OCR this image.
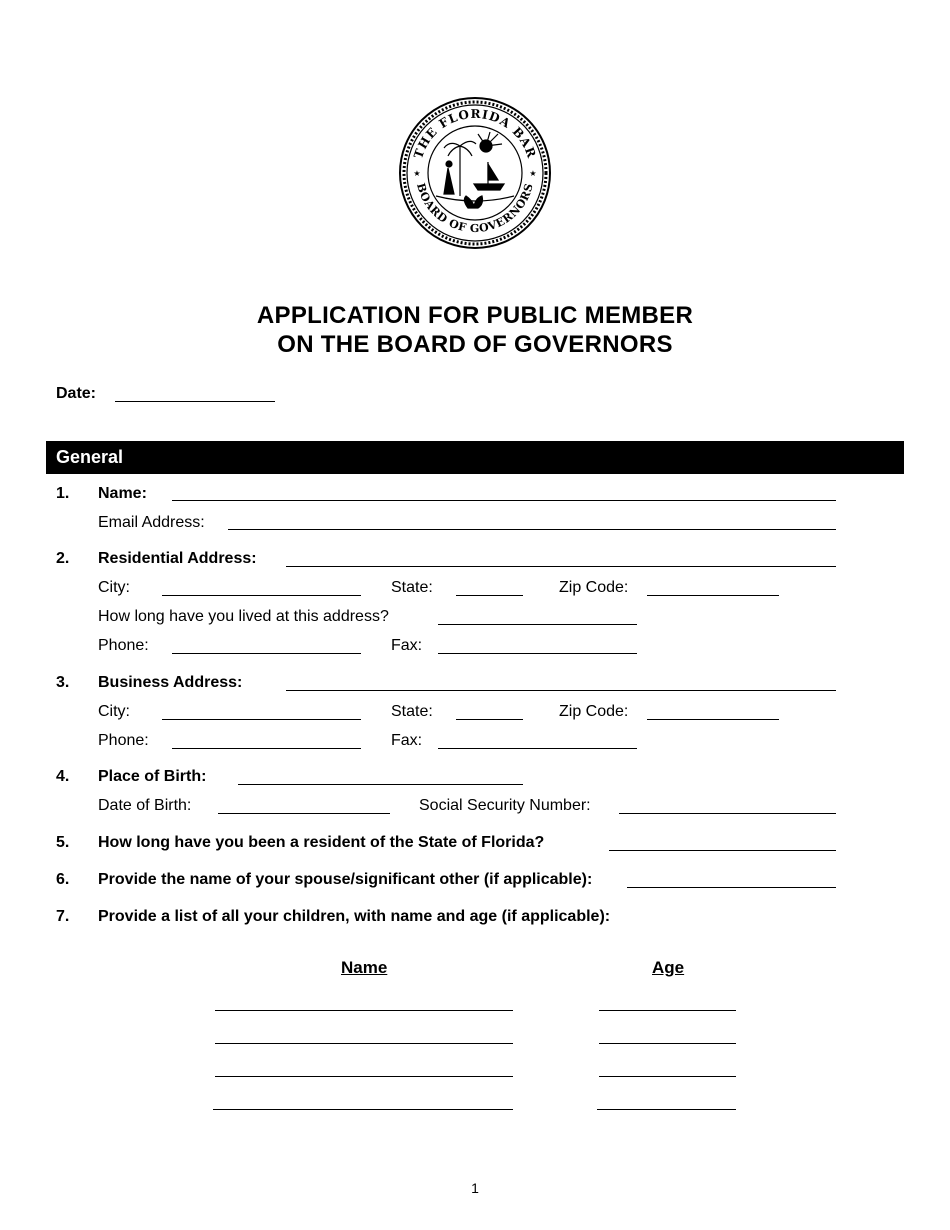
THE FLORIDA BAR
BOARD OF GOVERNORS
★	★
APPLICATION FOR PUBLIC MEMBER
ON THE BOARD OF GOVERNORS
Date:
General
1. Name:
Email Address:
2. Residential Address:
City:	State:	Zip Code:
How long have you lived at this address?
Phone:	Fax:
3. Business Address:
City:	State:	Zip Code:
Phone:	Fax:
4. Place of Birth:
Date of Birth:	Social Security Number:
5. How long have you been a resident of the State of Florida?
6. Provide the name of your spouse/significant other (if applicable):
7. Provide a list of all your children, with name and age (if applicable):
Name	Age
1
